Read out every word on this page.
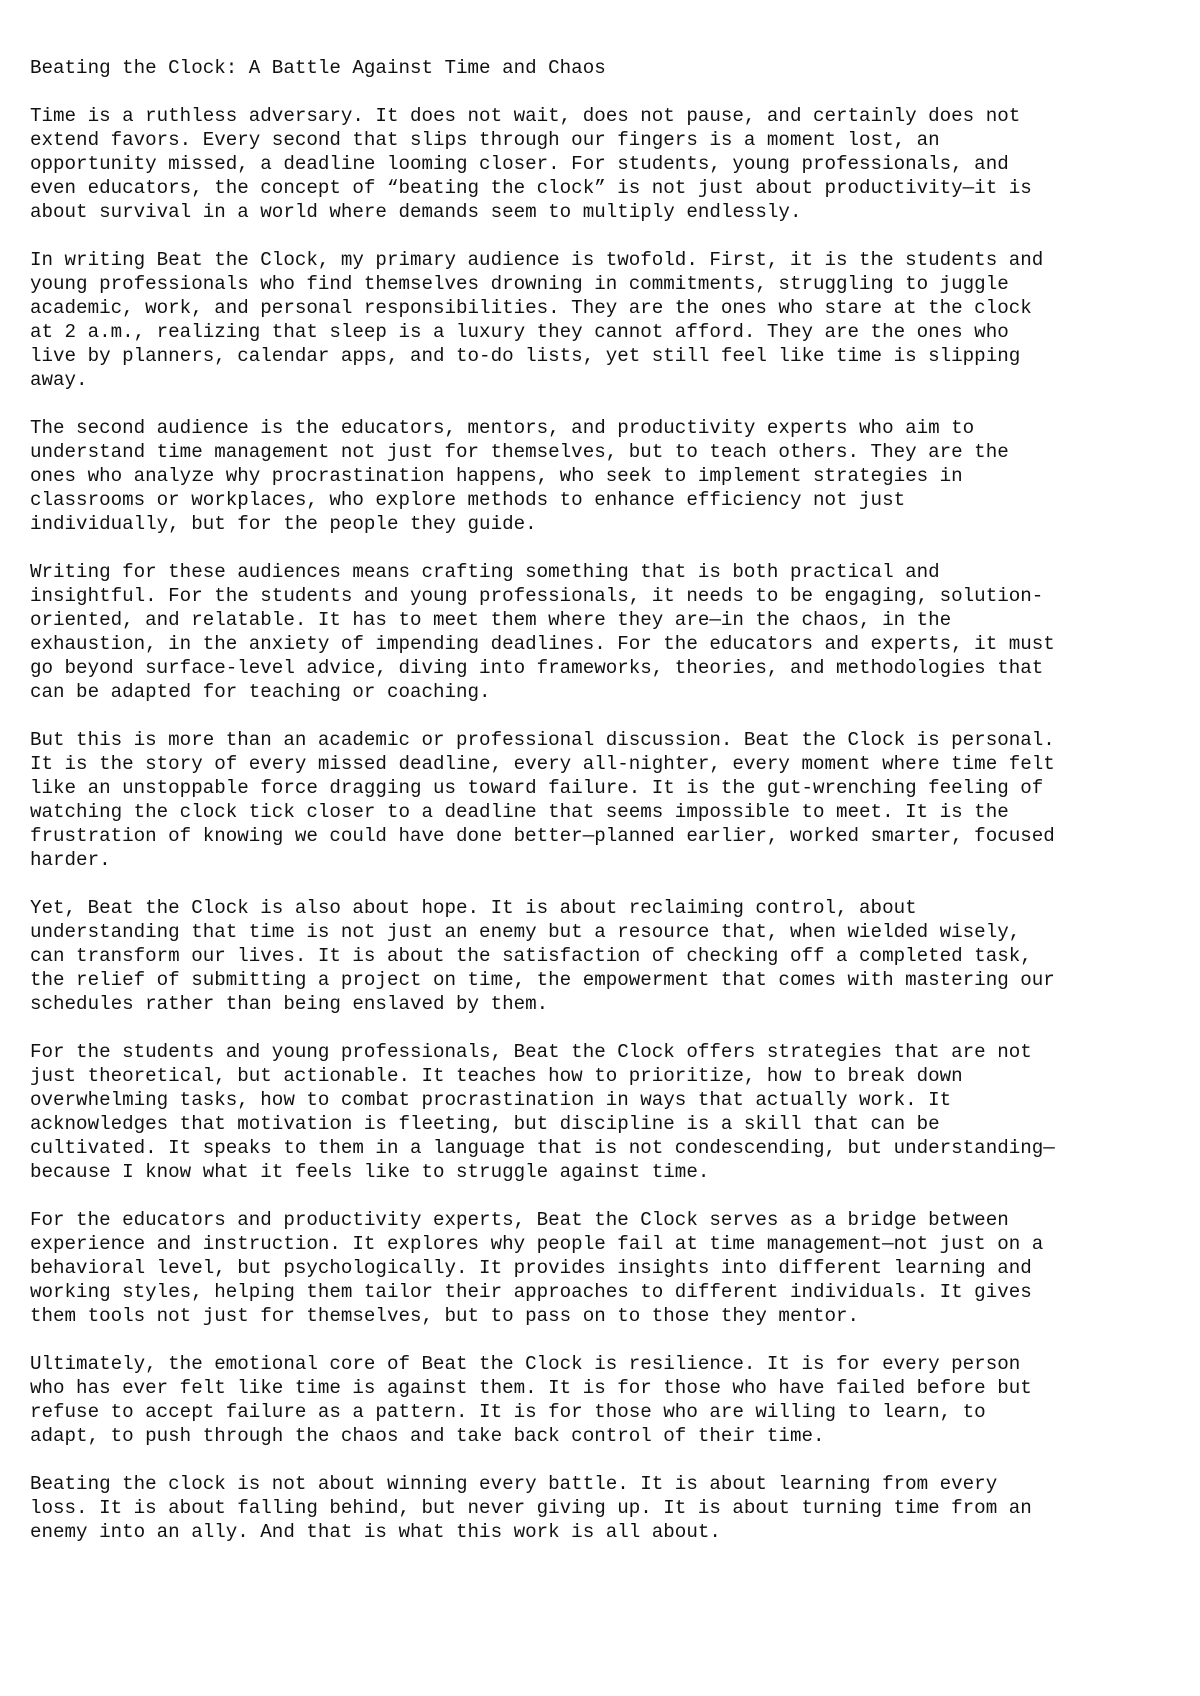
Beating the Clock: A Battle Against Time and Chaos
Time is a ruthless adversary. It does not wait, does not pause, and certainly does not
extend favors. Every second that slips through our fingers is a moment lost, an
opportunity missed, a deadline looming closer. For students, young professionals, and
even educators, the concept of “beating the clock” is not just about productivity—it is
about survival in a world where demands seem to multiply endlessly.
In writing Beat the Clock, my primary audience is twofold. First, it is the students and
young professionals who find themselves drowning in commitments, struggling to juggle
academic, work, and personal responsibilities. They are the ones who stare at the clock
at 2 a.m., realizing that sleep is a luxury they cannot afford. They are the ones who
live by planners, calendar apps, and to-do lists, yet still feel like time is slipping
away.
The second audience is the educators, mentors, and productivity experts who aim to
understand time management not just for themselves, but to teach others. They are the
ones who analyze why procrastination happens, who seek to implement strategies in
classrooms or workplaces, who explore methods to enhance efficiency not just
individually, but for the people they guide.
Writing for these audiences means crafting something that is both practical and
insightful. For the students and young professionals, it needs to be engaging, solution-
oriented, and relatable. It has to meet them where they are—in the chaos, in the
exhaustion, in the anxiety of impending deadlines. For the educators and experts, it must
go beyond surface-level advice, diving into frameworks, theories, and methodologies that
can be adapted for teaching or coaching.
But this is more than an academic or professional discussion. Beat the Clock is personal.
It is the story of every missed deadline, every all-nighter, every moment where time felt
like an unstoppable force dragging us toward failure. It is the gut-wrenching feeling of
watching the clock tick closer to a deadline that seems impossible to meet. It is the
frustration of knowing we could have done better—planned earlier, worked smarter, focused
harder.
Yet, Beat the Clock is also about hope. It is about reclaiming control, about
understanding that time is not just an enemy but a resource that, when wielded wisely,
can transform our lives. It is about the satisfaction of checking off a completed task,
the relief of submitting a project on time, the empowerment that comes with mastering our
schedules rather than being enslaved by them.
For the students and young professionals, Beat the Clock offers strategies that are not
just theoretical, but actionable. It teaches how to prioritize, how to break down
overwhelming tasks, how to combat procrastination in ways that actually work. It
acknowledges that motivation is fleeting, but discipline is a skill that can be
cultivated. It speaks to them in a language that is not condescending, but understanding—
because I know what it feels like to struggle against time.
For the educators and productivity experts, Beat the Clock serves as a bridge between
experience and instruction. It explores why people fail at time management—not just on a
behavioral level, but psychologically. It provides insights into different learning and
working styles, helping them tailor their approaches to different individuals. It gives
them tools not just for themselves, but to pass on to those they mentor.
Ultimately, the emotional core of Beat the Clock is resilience. It is for every person
who has ever felt like time is against them. It is for those who have failed before but
refuse to accept failure as a pattern. It is for those who are willing to learn, to
adapt, to push through the chaos and take back control of their time.
Beating the clock is not about winning every battle. It is about learning from every
loss. It is about falling behind, but never giving up. It is about turning time from an
enemy into an ally. And that is what this work is all about.
